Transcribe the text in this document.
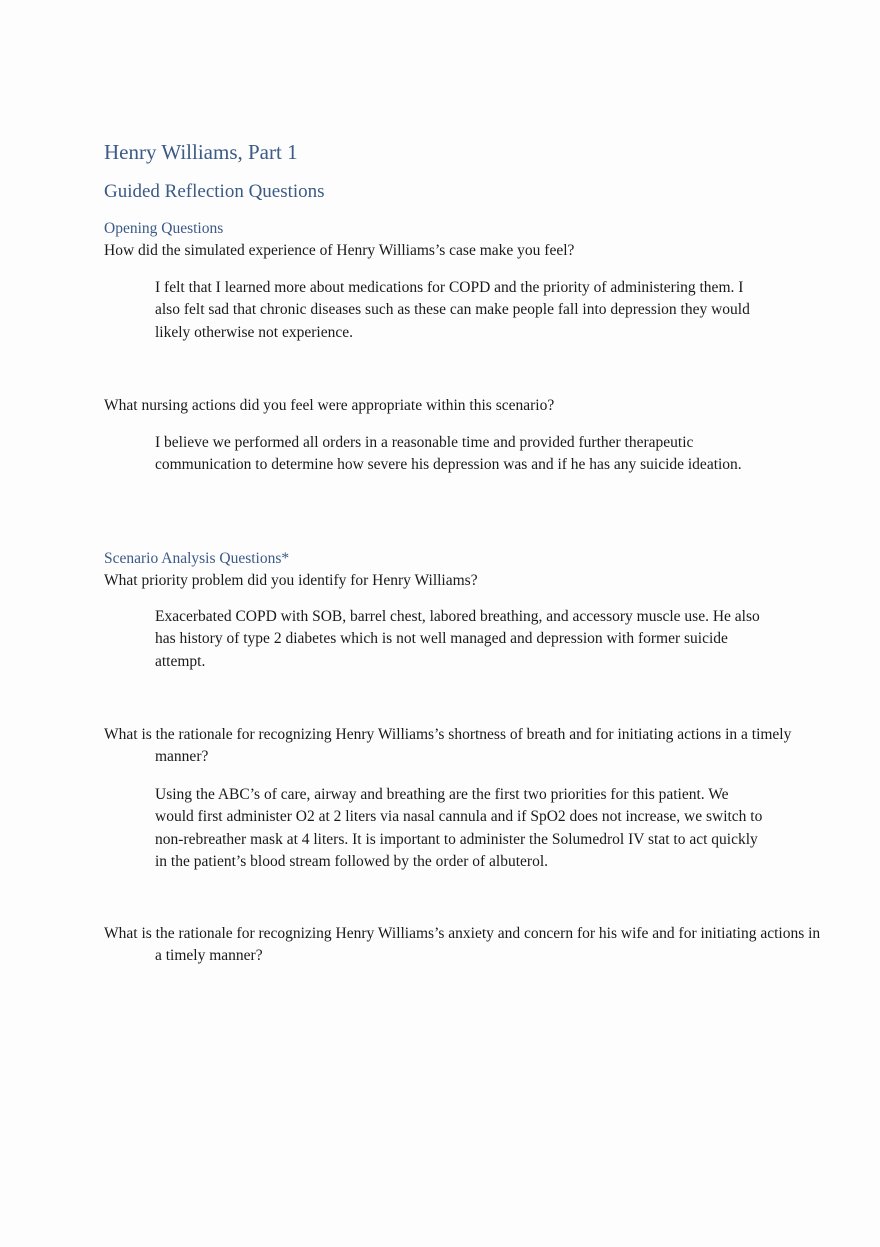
Henry Williams, Part 1
Guided Reflection Questions
Opening Questions
How did the simulated experience of Henry Williams’s case make you feel?
I felt that I learned more about medications for COPD and the priority of administering them. I also felt sad that chronic diseases such as these can make people fall into depression they would likely otherwise not experience.
What nursing actions did you feel were appropriate within this scenario?
I believe we performed all orders in a reasonable time and provided further therapeutic communication to determine how severe his depression was and if he has any suicide ideation.
Scenario Analysis Questions*
What priority problem did you identify for Henry Williams?
Exacerbated COPD with SOB, barrel chest, labored breathing, and accessory muscle use. He also has history of type 2 diabetes which is not well managed and depression with former suicide attempt.
What is the rationale for recognizing Henry Williams’s shortness of breath and for initiating actions in a timely manner?
Using the ABC’s of care, airway and breathing are the first two priorities for this patient. We would first administer O2 at 2 liters via nasal cannula and if SpO2 does not increase, we switch to non-rebreather mask at 4 liters. It is important to administer the Solumedrol IV stat to act quickly in the patient’s blood stream followed by the order of albuterol.
What is the rationale for recognizing Henry Williams’s anxiety and concern for his wife and for initiating actions in a timely manner?
